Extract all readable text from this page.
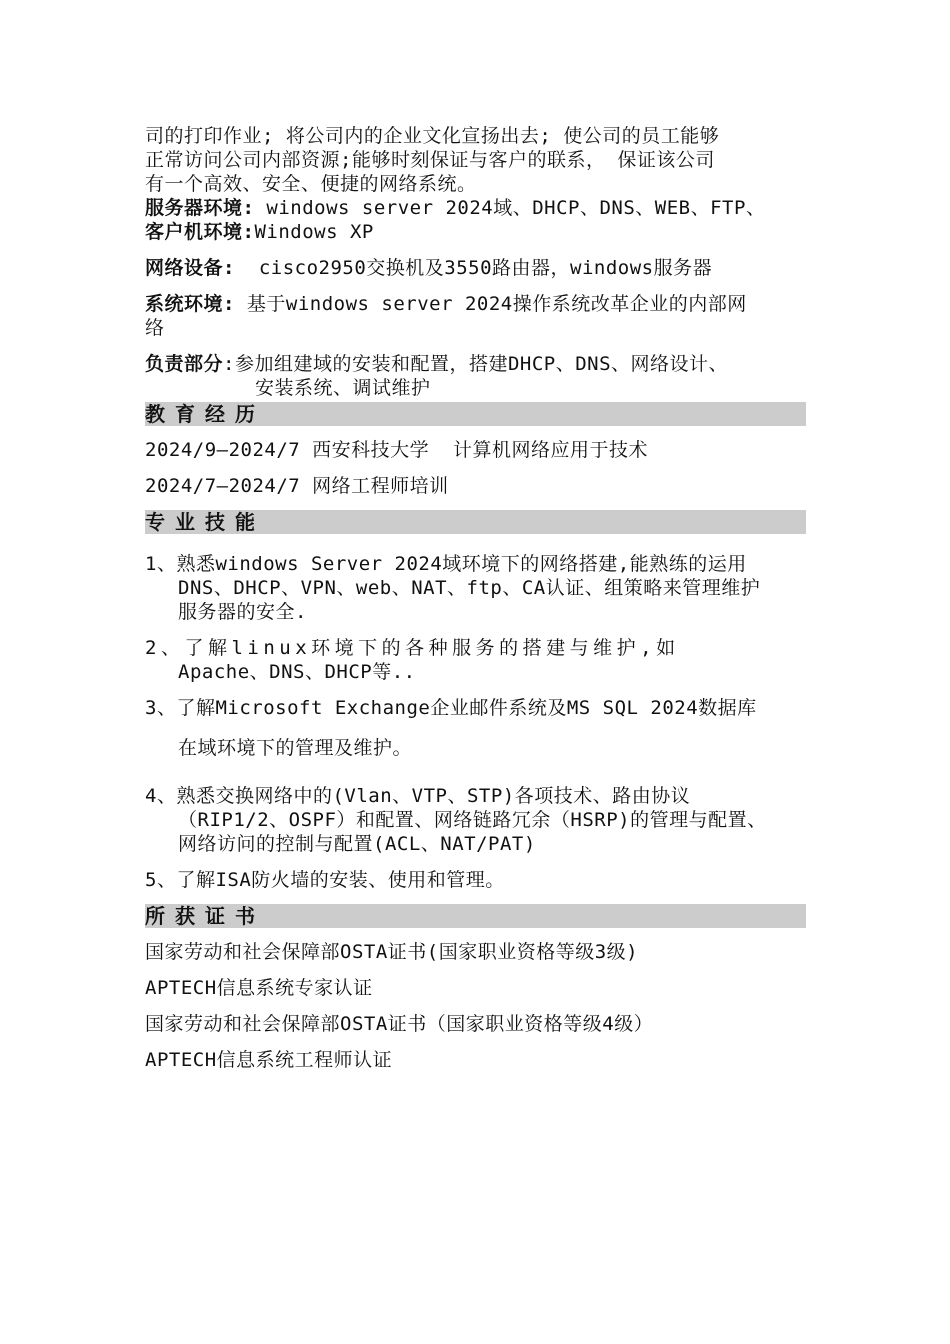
司的打印作业; 将公司内的企业文化宣扬出去; 使公司的员工能够
正常访问公司内部资源;能够时刻保证与客户的联系， 保证该公司
有一个高效、安全、便捷的网络系统。
服务器环境: windows server 2024域、DHCP、DNS、WEB、FTP、
客户机环境:Windows XP
网络设备:  cisco2950交换机及3550路由器，windows服务器
系统环境: 基于windows server 2024操作系统改革企业的内部网
络
负责部分:参加组建域的安装和配置，搭建DHCP、DNS、网络设计、
安装系统、调试维护
教育经历
2024/9—2024/7 西安科技大学  计算机网络应用于技术
2024/7—2024/7 网络工程师培训
专业技能
1、熟悉windows Server 2024域环境下的网络搭建,能熟练的运用
DNS、DHCP、VPN、web、NAT、ftp、CA认证、组策略来管理维护
服务器的安全.
2、了解linux环境下的各种服务的搭建与维护,如
Apache、DNS、DHCP等..
3、了解Microsoft Exchange企业邮件系统及MS SQL 2024数据库
在域环境下的管理及维护。
4、熟悉交换网络中的(Vlan、VTP、STP)各项技术、路由协议
（RIP1/2、OSPF）和配置、网络链路冗余（HSRP)的管理与配置、
网络访问的控制与配置(ACL、NAT/PAT)
5、了解ISA防火墙的安装、使用和管理。
所获证书
国家劳动和社会保障部OSTA证书(国家职业资格等级3级)
APTECH信息系统专家认证
国家劳动和社会保障部OSTA证书（国家职业资格等级4级）
APTECH信息系统工程师认证
